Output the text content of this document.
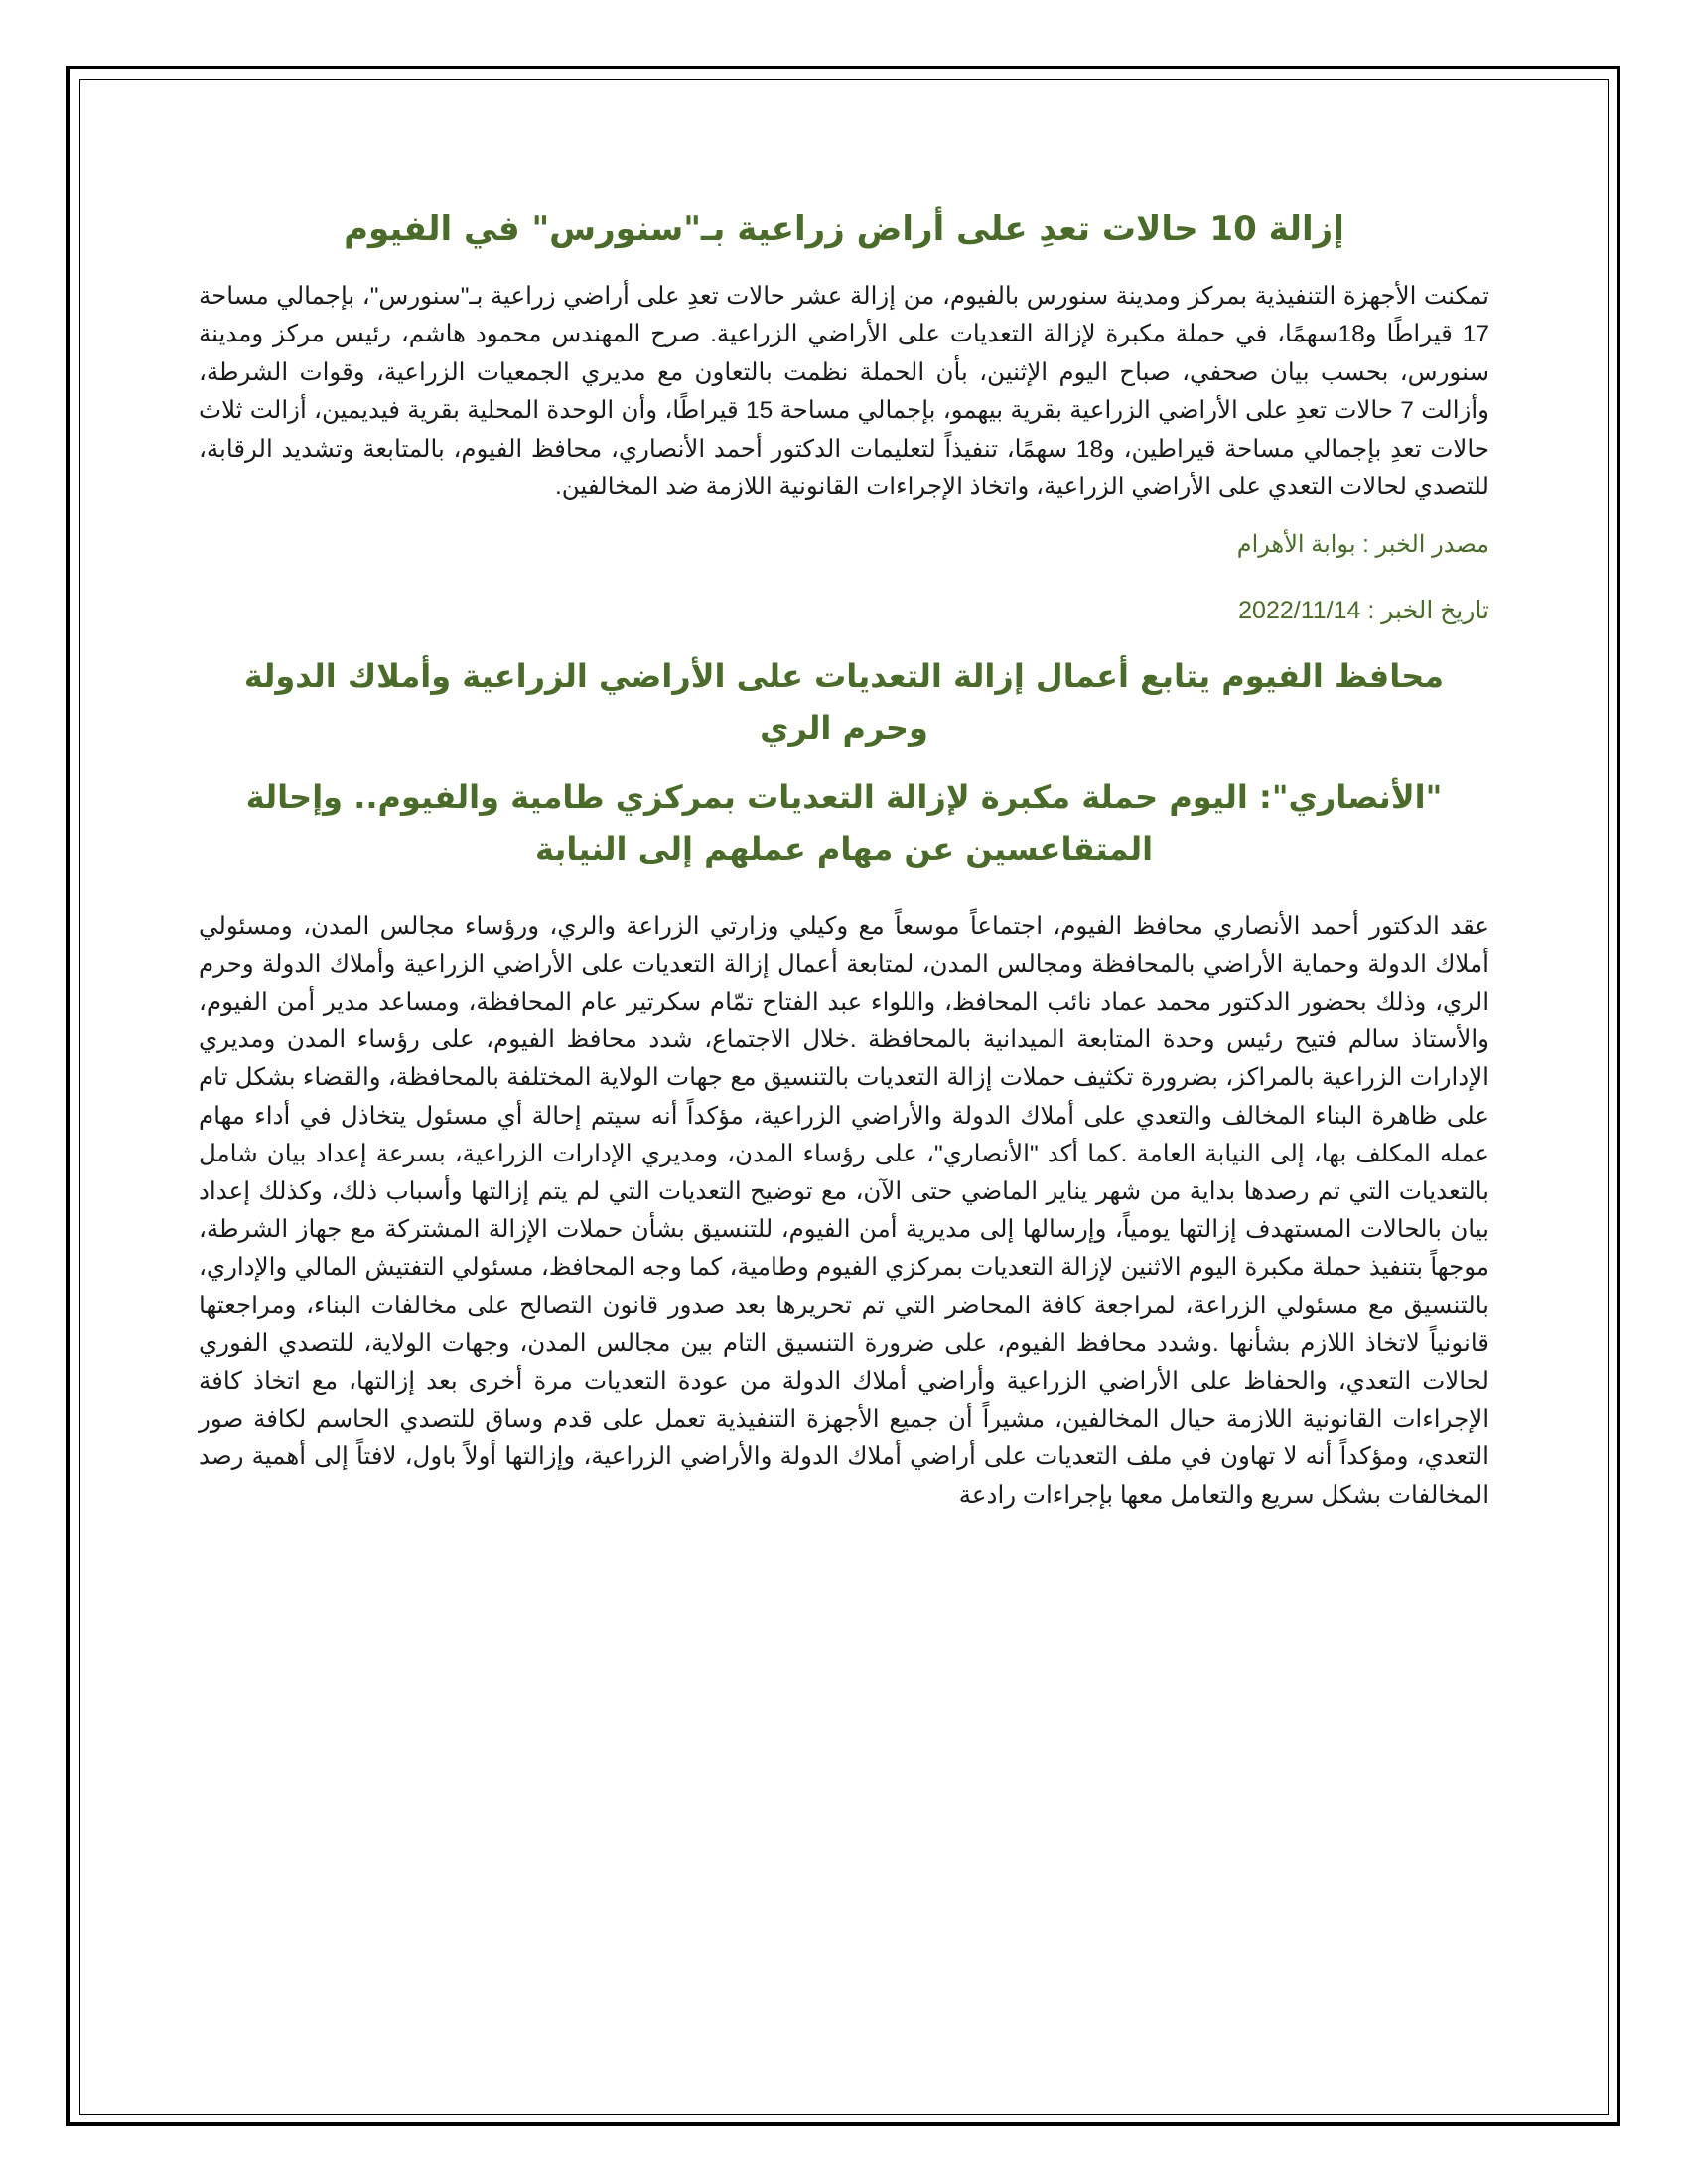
إزالة 10 حالات تعدِ على أراض زراعية بـ"سنورس" في الفيوم

تمكنت الأجهزة التنفيذية بمركز ومدينة سنورس بالفيوم، من إزالة عشر حالات تعدِ على أراضي زراعية بـ"سنورس"، بإجمالي مساحة 17 قيراطًا و18سهمًا، في حملة مكبرة لإزالة التعديات على الأراضي الزراعية. صرح المهندس محمود هاشم، رئيس مركز ومدينة سنورس، بحسب بيان صحفي، صباح اليوم الإثنين، بأن الحملة نظمت بالتعاون مع مديري الجمعيات الزراعية، وقوات الشرطة، وأزالت 7 حالات تعدِ على الأراضي الزراعية بقرية بيهمو، بإجمالي مساحة 15 قيراطًا، وأن الوحدة المحلية بقرية فيديمين، أزالت ثلاث حالات تعدِ بإجمالي مساحة قيراطين، و18 سهمًا، تنفيذاً لتعليمات الدكتور أحمد الأنصاري، محافظ الفيوم، بالمتابعة وتشديد الرقابة، للتصدي لحالات التعدي على الأراضي الزراعية، واتخاذ الإجراءات القانونية اللازمة ضد المخالفين.

مصدر الخبر : بوابة الأهرام
تاريخ الخبر : 2022/11/14
محافظ الفيوم يتابع أعمال إزالة التعديات على الأراضي الزراعية وأملاك الدولة وحرم الري
"الأنصاري": اليوم حملة مكبرة لإزالة التعديات بمركزي طامية والفيوم.. وإحالة المتقاعسين عن مهام عملهم إلى النيابة

عقد الدكتور أحمد الأنصاري محافظ الفيوم، اجتماعاً موسعاً مع وكيلي وزارتي الزراعة والري، ورؤساء مجالس المدن، ومسئولي أملاك الدولة وحماية الأراضي بالمحافظة ومجالس المدن، لمتابعة أعمال إزالة التعديات على الأراضي الزراعية وأملاك الدولة وحرم الري، وذلك بحضور الدكتور محمد عماد نائب المحافظ، واللواء عبد الفتاح تمّام سكرتير عام المحافظة، ومساعد مدير أمن الفيوم، والأستاذ سالم فتيح رئيس وحدة المتابعة الميدانية بالمحافظة .خلال الاجتماع، شدد محافظ الفيوم، على رؤساء المدن ومديري الإدارات الزراعية بالمراكز، بضرورة تكثيف حملات إزالة التعديات بالتنسيق مع جهات الولاية المختلفة بالمحافظة، والقضاء بشكل تام على ظاهرة البناء المخالف والتعدي على أملاك الدولة والأراضي الزراعية، مؤكداً أنه سيتم إحالة أي مسئول يتخاذل في أداء مهام عمله المكلف بها، إلى النيابة العامة .كما أكد "الأنصاري"، على رؤساء المدن، ومديري الإدارات الزراعية، بسرعة إعداد بيان شامل بالتعديات التي تم رصدها بداية من شهر يناير الماضي حتى الآن، مع توضيح التعديات التي لم يتم إزالتها وأسباب ذلك، وكذلك إعداد بيان بالحالات المستهدف إزالتها يومياً، وإرسالها إلى مديرية أمن الفيوم، للتنسيق بشأن حملات الإزالة المشتركة مع جهاز الشرطة، موجهاً بتنفيذ حملة مكبرة اليوم الاثنين لإزالة التعديات بمركزي الفيوم وطامية، كما وجه المحافظ، مسئولي التفتيش المالي والإداري، بالتنسيق مع مسئولي الزراعة، لمراجعة كافة المحاضر التي تم تحريرها بعد صدور قانون التصالح على مخالفات البناء، ومراجعتها قانونياً لاتخاذ اللازم بشأنها .وشدد محافظ الفيوم، على ضرورة التنسيق التام بين مجالس المدن، وجهات الولاية، للتصدي الفوري لحالات التعدي، والحفاظ على الأراضي الزراعية وأراضي أملاك الدولة من عودة التعديات مرة أخرى بعد إزالتها، مع اتخاذ كافة الإجراءات القانونية اللازمة حيال المخالفين، مشيراً أن جميع الأجهزة التنفيذية تعمل على قدم وساق للتصدي الحاسم لكافة صور التعدي، ومؤكداً أنه لا تهاون في ملف التعديات على أراضي أملاك الدولة والأراضي الزراعية، وإزالتها أولاً باول، لافتاً إلى أهمية رصد المخالفات بشكل سريع والتعامل معها بإجراءات رادعة
